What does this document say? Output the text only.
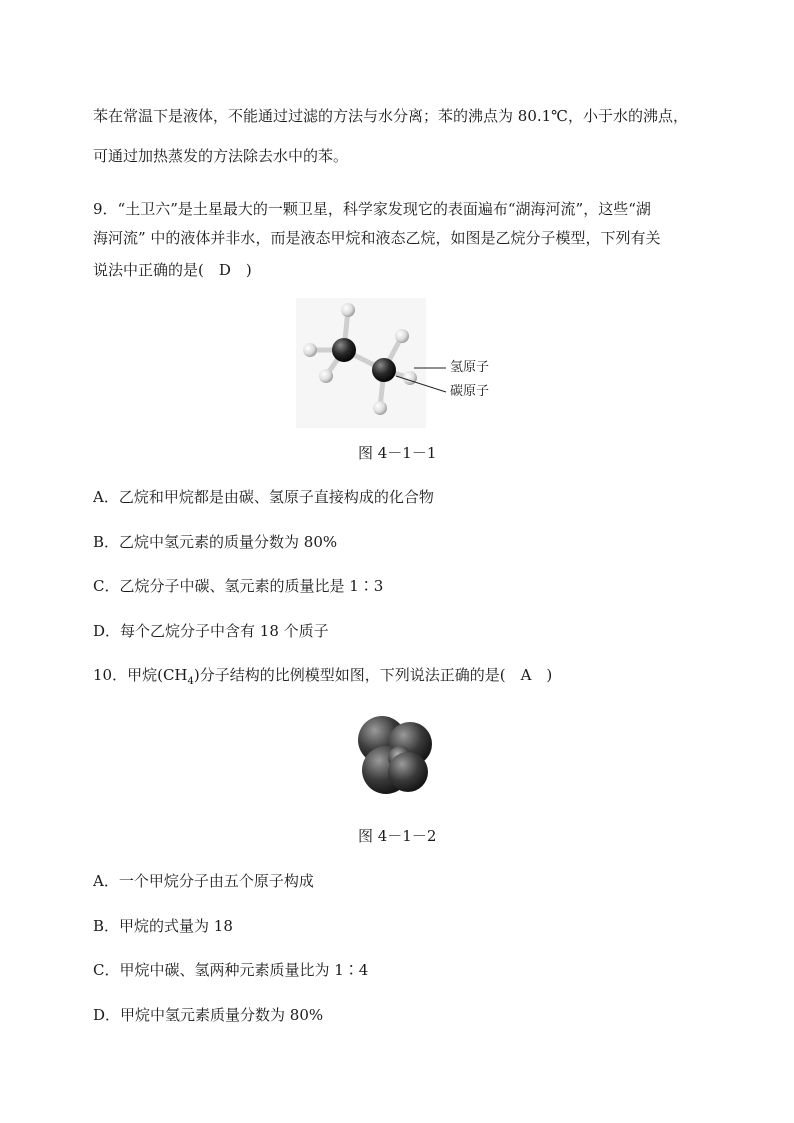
苯在常温下是液体，不能通过过滤的方法与水分离；苯的沸点为 80.1℃，小于水的沸点，
可通过加热蒸发的方法除去水中的苯。
9．“土卫六”是土星最大的一颗卫星，科学家发现它的表面遍布“湖海河流”，这些“湖
海河流” 中的液体并非水，而是液态甲烷和液态乙烷，如图是乙烷分子模型，下列有关
说法中正确的是(　D　)
氢原子
碳原子
图 4－1－1
A．乙烷和甲烷都是由碳、氢原子直接构成的化合物
B．乙烷中氢元素的质量分数为 80%
C．乙烷分子中碳、氢元素的质量比是 1∶3
D．每个乙烷分子中含有 18 个质子
10．甲烷$(CH_4)$分子结构的比例模型如图，下列说法正确的是(　A　)
图 4－1－2
A．一个甲烷分子由五个原子构成
B．甲烷的式量为 18
C．甲烷中碳、氢两种元素质量比为 1∶4
D．甲烷中氢元素质量分数为 80%
